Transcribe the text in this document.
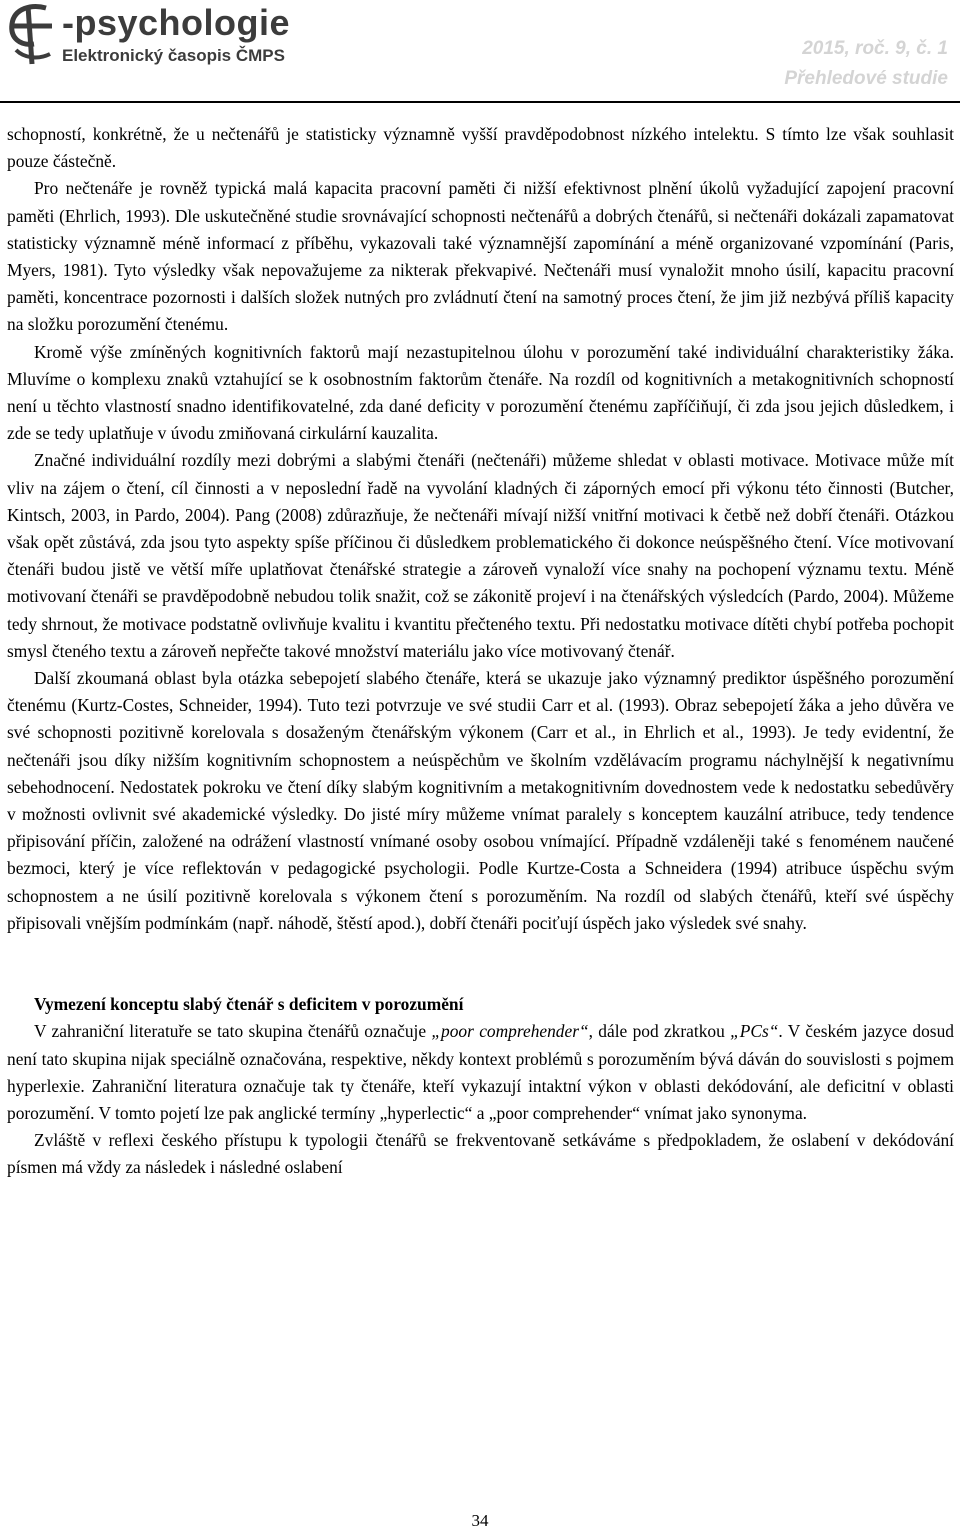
-psychologie
Elektronický časopis ČMPS	2015, roč. 9, č. 1
Přehledové studie

schopností, konkrétně, že u nečtenářů je statisticky významně vyšší pravděpodobnost nízkého intelektu. S tímto lze však souhlasit pouze částečně.

Pro nečtenáře je rovněž typická malá kapacita pracovní paměti či nižší efektivnost plnění úkolů vyžadující zapojení pracovní paměti (Ehrlich, 1993). Dle uskutečněné studie srovnávající schopnosti nečtenářů a dobrých čtenářů, si nečtenáři dokázali zapamatovat statisticky významně méně informací z příběhu, vykazovali také významnější zapomínání a méně organizované vzpomínání (Paris, Myers, 1981). Tyto výsledky však nepovažujeme za nikterak překvapivé. Nečtenáři musí vynaložit mnoho úsilí, kapacitu pracovní paměti, koncentrace pozornosti i dalších složek nutných pro zvládnutí čtení na samotný proces čtení, že jim již nezbývá příliš kapacity na složku porozumění čtenému.

Kromě výše zmíněných kognitivních faktorů mají nezastupitelnou úlohu v porozumění také individuální charakteristiky žáka. Mluvíme o komplexu znaků vztahující se k osobnostním faktorům čtenáře. Na rozdíl od kognitivních a metakognitivních schopností není u těchto vlastností snadno identifikovatelné, zda dané deficity v porozumění čtenému zapříčiňují, či zda jsou jejich důsledkem, i zde se tedy uplatňuje v úvodu zmiňovaná cirkulární kauzalita.

Značné individuální rozdíly mezi dobrými a slabými čtenáři (nečtenáři) můžeme shledat v oblasti motivace. Motivace může mít vliv na zájem o čtení, cíl činnosti a v neposlední řadě na vyvolání kladných či záporných emocí při výkonu této činnosti (Butcher, Kintsch, 2003, in Pardo, 2004). Pang (2008) zdůrazňuje, že nečtenáři mívají nižší vnitřní motivaci k četbě než dobří čtenáři. Otázkou však opět zůstává, zda jsou tyto aspekty spíše příčinou či důsledkem problematického či dokonce neúspěšného čtení. Více motivovaní čtenáři budou jistě ve větší míře uplatňovat čtenářské strategie a zároveň vynaloží více snahy na pochopení významu textu. Méně motivovaní čtenáři se pravděpodobně nebudou tolik snažit, což se zákonitě projeví i na čtenářských výsledcích (Pardo, 2004). Můžeme tedy shrnout, že motivace podstatně ovlivňuje kvalitu i kvantitu přečteného textu. Při nedostatku motivace dítěti chybí potřeba pochopit smysl čteného textu a zároveň nepřečte takové množství materiálu jako více motivovaný čtenář.

Další zkoumaná oblast byla otázka sebepojetí slabého čtenáře, která se ukazuje jako významný prediktor úspěšného porozumění čtenému (Kurtz-Costes, Schneider, 1994). Tuto tezi potvrzuje ve své studii Carr et al. (1993). Obraz sebepojetí žáka a jeho důvěra ve své schopnosti pozitivně korelovala s dosaženým čtenářským výkonem (Carr et al., in Ehrlich et al., 1993). Je tedy evidentní, že nečtenáři jsou díky nižším kognitivním schopnostem a neúspěchům ve školním vzdělávacím programu náchylnější k negativnímu sebehodnocení. Nedostatek pokroku ve čtení díky slabým kognitivním a metakognitivním dovednostem vede k nedostatku sebedůvěry v možnosti ovlivnit své akademické výsledky. Do jisté míry můžeme vnímat paralely s konceptem kauzální atribuce, tedy tendence připisování příčin, založené na odrážení vlastností vnímané osoby osobou vnímající. Případně vzdáleněji také s fenoménem naučené bezmoci, který je více reflektován v pedagogické psychologii. Podle Kurtze-Costa a Schneidera (1994) atribuce úspěchu svým schopnostem a ne úsilí pozitivně korelovala s výkonem čtení s porozuměním. Na rozdíl od slabých čtenářů, kteří své úspěchy připisovali vnějším podmínkám (např. náhodě, štěstí apod.), dobří čtenáři pociťují úspěch jako výsledek své snahy.

Vymezení konceptu slabý čtenář s deficitem v porozumění

V zahraniční literatuře se tato skupina čtenářů označuje „poor comprehender“, dále pod zkratkou „PCs“. V českém jazyce dosud není tato skupina nijak speciálně označována, respektive, někdy kontext problémů s porozuměním bývá dáván do souvislosti s pojmem hyperlexie. Zahraniční literatura označuje tak ty čtenáře, kteří vykazují intaktní výkon v oblasti dekódování, ale deficitní v oblasti porozumění. V tomto pojetí lze pak anglické termíny „hyperlectic“ a „poor comprehender“ vnímat jako synonyma.

Zvláště v reflexi českého přístupu k typologii čtenářů se frekventovaně setkáváme s předpokladem, že oslabení v dekódování písmen má vždy za následek i následné oslabení

34
